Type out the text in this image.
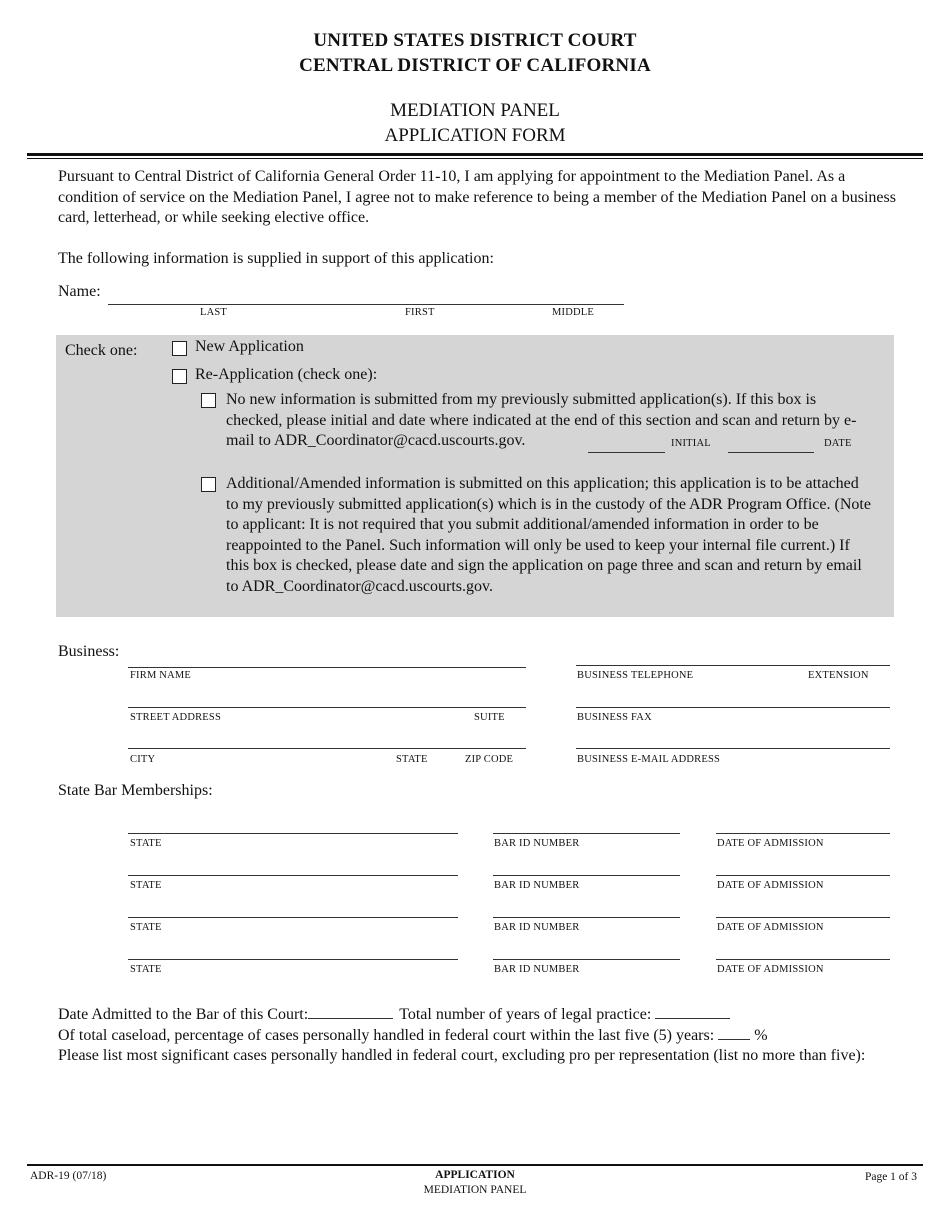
UNITED STATES DISTRICT COURT
CENTRAL DISTRICT OF CALIFORNIA
MEDIATION PANEL
APPLICATION FORM
Pursuant to Central District of California General Order 11-10, I am applying for appointment to the Mediation Panel. As a condition of service on the Mediation Panel, I agree not to make reference to being a member of the Mediation Panel on a business card, letterhead, or while seeking elective office.
The following information is supplied in support of this application:
Name:
LAST	FIRST	MIDDLE
Check one:	New Application
Re-Application (check one):
No new information is submitted from my previously submitted application(s). If this box is checked, please initial and date where indicated at the end of this section and scan and return by e-mail to ADR_Coordinator@cacd.uscourts.gov.	INITIAL	DATE
Additional/Amended information is submitted on this application; this application is to be attached to my previously submitted application(s) which is in the custody of the ADR Program Office. (Note to applicant: It is not required that you submit additional/amended information in order to be reappointed to the Panel. Such information will only be used to keep your internal file current.) If this box is checked, please date and sign the application on page three and scan and return by email to ADR_Coordinator@cacd.uscourts.gov.
Business:
FIRM NAME	BUSINESS TELEPHONE	EXTENSION
STREET ADDRESS	SUITE	BUSINESS FAX
CITY	STATE	ZIP CODE	BUSINESS E-MAIL ADDRESS
State Bar Memberships:
STATE	BAR ID NUMBER	DATE OF ADMISSION
STATE	BAR ID NUMBER	DATE OF ADMISSION
STATE	BAR ID NUMBER	DATE OF ADMISSION
STATE	BAR ID NUMBER	DATE OF ADMISSION
Date Admitted to the Bar of this Court:	Total number of years of legal practice:
Of total caseload, percentage of cases personally handled in federal court within the last five (5) years:	%
Please list most significant cases personally handled in federal court, excluding pro per representation (list no more than five):
ADR-19 (07/18)	APPLICATION
MEDIATION PANEL
Page 1 of 3
